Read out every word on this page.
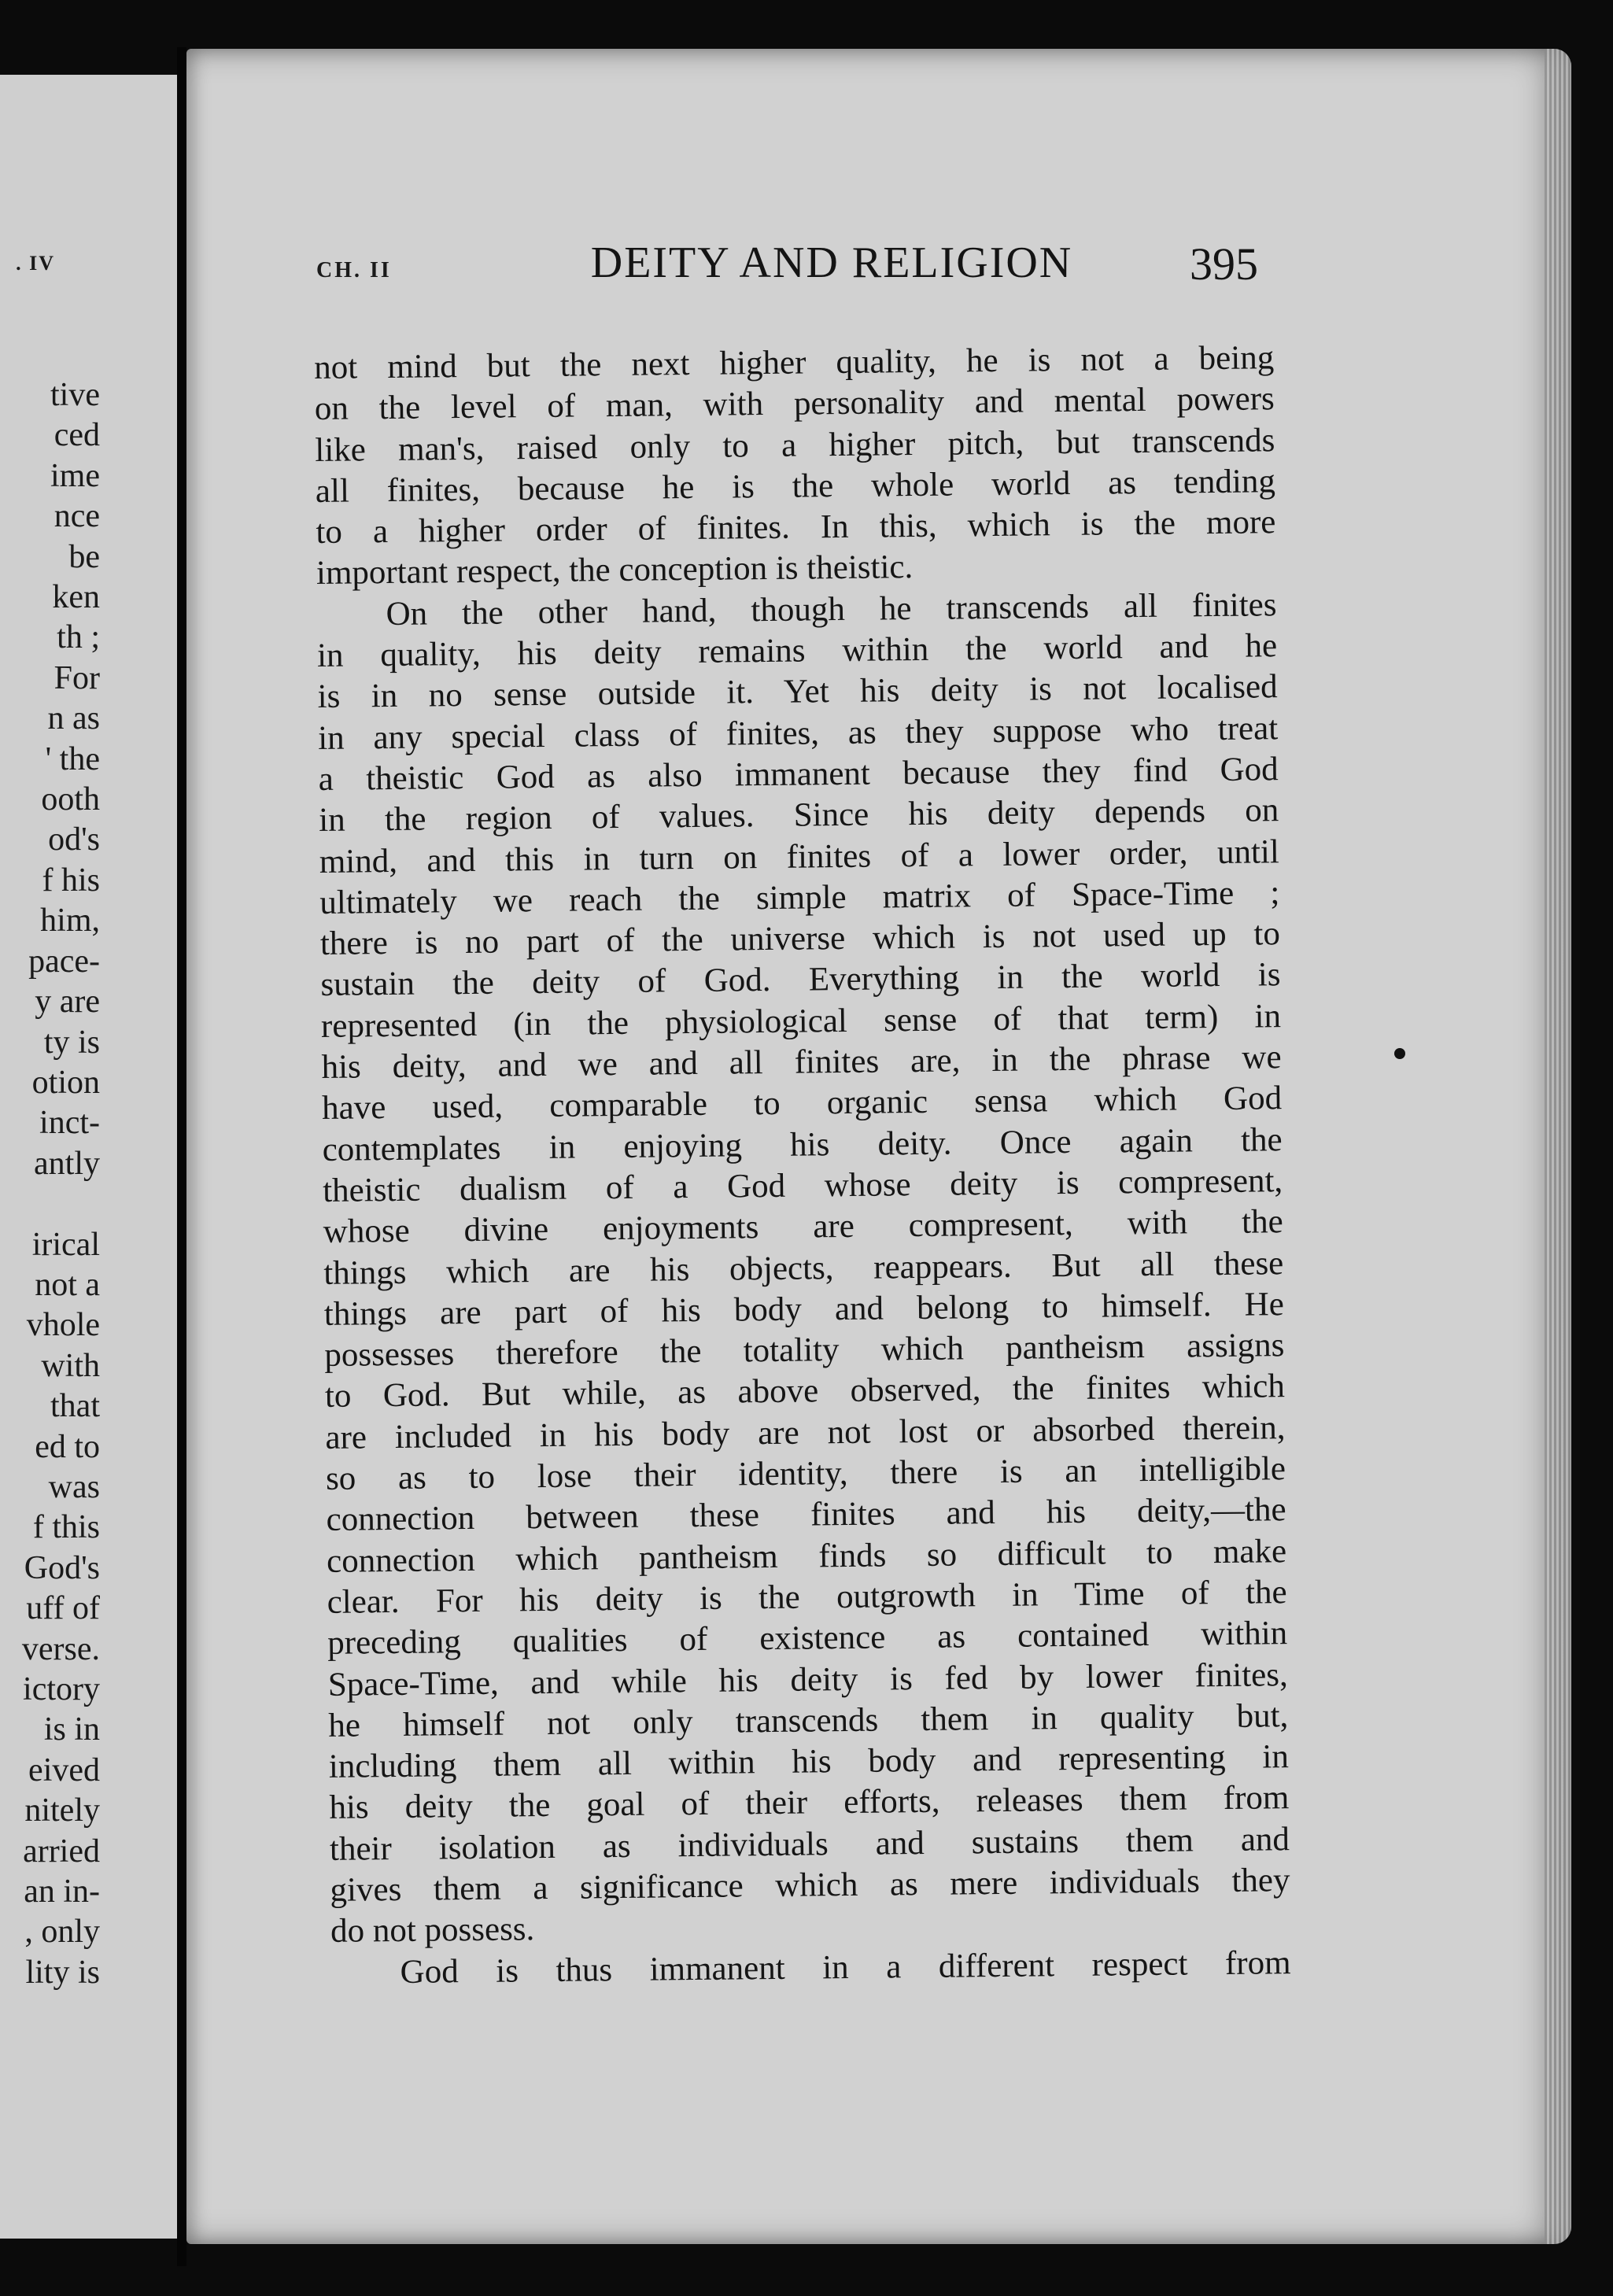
. IV
tive
ced
ime
nce
be
ken
th ;
For
n as
' the
ooth
od's
f his
him,
pace-
y are
ty is
otion
inct-
antly

irical
not a
vhole
with
that
ed to
was
f this
God's
uff of
verse.
ictory
is in
eived
nitely
arried
an in-
, only
lity is
CH. II	DEITY AND RELIGION	395
not mind but the next higher quality, he is not a being
on the level of man, with personality and mental powers
like man's, raised only to a higher pitch, but transcends
all finites, because he is the whole world as tending
to a higher order of finites. In this, which is the more
important respect, the conception is theistic.
On the other hand, though he transcends all finites
in quality, his deity remains within the world and he
is in no sense outside it. Yet his deity is not localised
in any special class of finites, as they suppose who treat
a theistic God as also immanent because they find God
in the region of values. Since his deity depends on
mind, and this in turn on finites of a lower order, until
ultimately we reach the simple matrix of Space-Time ;
there is no part of the universe which is not used up to
sustain the deity of God. Everything in the world is
represented (in the physiological sense of that term) in
his deity, and we and all finites are, in the phrase we
have used, comparable to organic sensa which God
contemplates in enjoying his deity. Once again the
theistic dualism of a God whose deity is compresent,
whose divine enjoyments are compresent, with the
things which are his objects, reappears. But all these
things are part of his body and belong to himself. He
possesses therefore the totality which pantheism assigns
to God. But while, as above observed, the finites which
are included in his body are not lost or absorbed therein,
so as to lose their identity, there is an intelligible
connection between these finites and his deity,—the
connection which pantheism finds so difficult to make
clear. For his deity is the outgrowth in Time of the
preceding qualities of existence as contained within
Space-Time, and while his deity is fed by lower finites,
he himself not only transcends them in quality but,
including them all within his body and representing in
his deity the goal of their efforts, releases them from
their isolation as individuals and sustains them and
gives them a significance which as mere individuals they
do not possess.
God is thus immanent in a different respect from
